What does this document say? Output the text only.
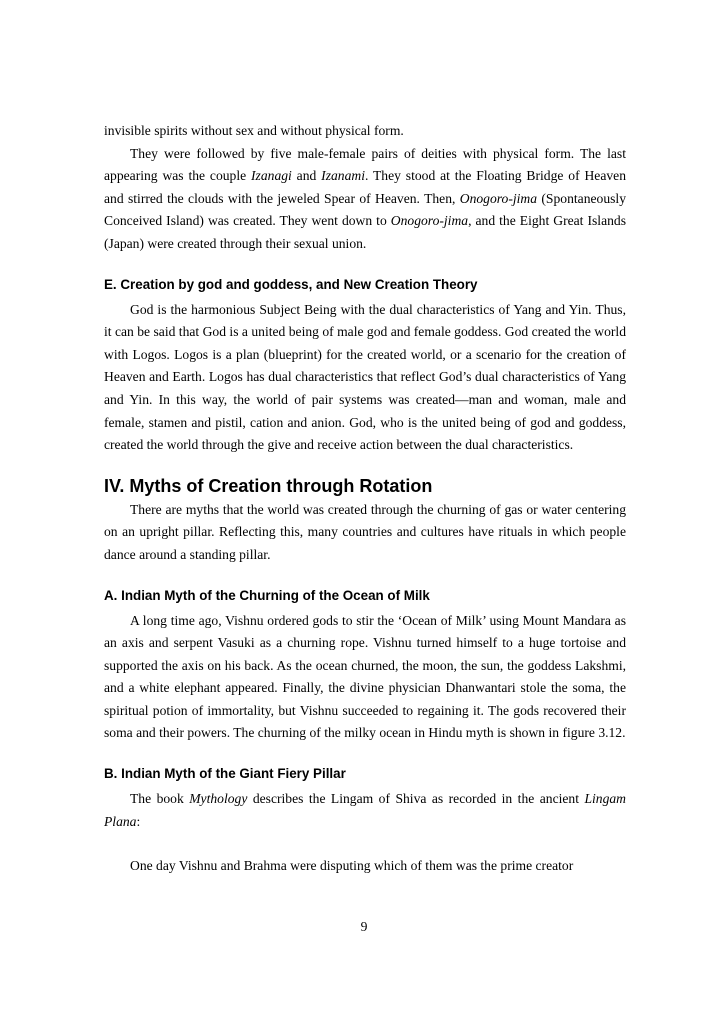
invisible spirits without sex and without physical form.

They were followed by five male-female pairs of deities with physical form. The last appearing was the couple Izanagi and Izanami. They stood at the Floating Bridge of Heaven and stirred the clouds with the jeweled Spear of Heaven. Then, Onogoro-jima (Spontaneously Conceived Island) was created. They went down to Onogoro-jima, and the Eight Great Islands (Japan) were created through their sexual union.

E. Creation by god and goddess, and New Creation Theory

God is the harmonious Subject Being with the dual characteristics of Yang and Yin. Thus, it can be said that God is a united being of male god and female goddess. God created the world with Logos. Logos is a plan (blueprint) for the created world, or a scenario for the creation of Heaven and Earth. Logos has dual characteristics that reflect God’s dual characteristics of Yang and Yin. In this way, the world of pair systems was created—man and woman, male and female, stamen and pistil, cation and anion. God, who is the united being of god and goddess, created the world through the give and receive action between the dual characteristics.

IV. Myths of Creation through Rotation

There are myths that the world was created through the churning of gas or water centering on an upright pillar. Reflecting this, many countries and cultures have rituals in which people dance around a standing pillar.

A. Indian Myth of the Churning of the Ocean of Milk

A long time ago, Vishnu ordered gods to stir the ‘Ocean of Milk’ using Mount Mandara as an axis and serpent Vasuki as a churning rope. Vishnu turned himself to a huge tortoise and supported the axis on his back. As the ocean churned, the moon, the sun, the goddess Lakshmi, and a white elephant appeared. Finally, the divine physician Dhanwantari stole the soma, the spiritual potion of immortality, but Vishnu succeeded to regaining it. The gods recovered their soma and their powers. The churning of the milky ocean in Hindu myth is shown in figure 3.12.

B. Indian Myth of the Giant Fiery Pillar

The book Mythology describes the Lingam of Shiva as recorded in the ancient Lingam Plana:

One day Vishnu and Brahma were disputing which of them was the prime creator

9
